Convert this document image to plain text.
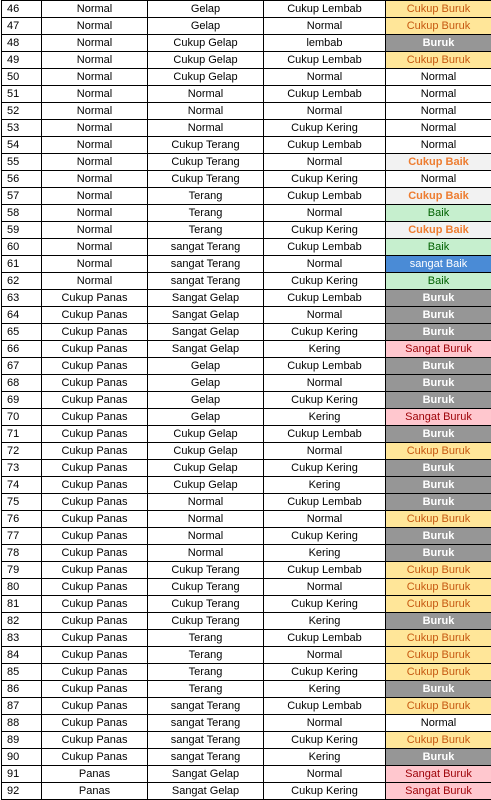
46	Normal	Gelap	Cukup Lembab	Cukup Buruk
47	Normal	Gelap	Normal	Cukup Buruk
48	Normal	Cukup Gelap	lembab	Buruk
49	Normal	Cukup Gelap	Cukup Lembab	Cukup Buruk
50	Normal	Cukup Gelap	Normal	Normal
51	Normal	Normal	Cukup Lembab	Normal
52	Normal	Normal	Normal	Normal
53	Normal	Normal	Cukup Kering	Normal
54	Normal	Cukup Terang	Cukup Lembab	Normal
55	Normal	Cukup Terang	Normal	Cukup Baik
56	Normal	Cukup Terang	Cukup Kering	Normal
57	Normal	Terang	Cukup Lembab	Cukup Baik
58	Normal	Terang	Normal	Baik
59	Normal	Terang	Cukup Kering	Cukup Baik
60	Normal	sangat Terang	Cukup Lembab	Baik
61	Normal	sangat Terang	Normal	sangat Baik
62	Normal	sangat Terang	Cukup Kering	Baik
63	Cukup Panas	Sangat Gelap	Cukup Lembab	Buruk
64	Cukup Panas	Sangat Gelap	Normal	Buruk
65	Cukup Panas	Sangat Gelap	Cukup Kering	Buruk
66	Cukup Panas	Sangat Gelap	Kering	Sangat Buruk
67	Cukup Panas	Gelap	Cukup Lembab	Buruk
68	Cukup Panas	Gelap	Normal	Buruk
69	Cukup Panas	Gelap	Cukup Kering	Buruk
70	Cukup Panas	Gelap	Kering	Sangat Buruk
71	Cukup Panas	Cukup Gelap	Cukup Lembab	Buruk
72	Cukup Panas	Cukup Gelap	Normal	Cukup Buruk
73	Cukup Panas	Cukup Gelap	Cukup Kering	Buruk
74	Cukup Panas	Cukup Gelap	Kering	Buruk
75	Cukup Panas	Normal	Cukup Lembab	Buruk
76	Cukup Panas	Normal	Normal	Cukup Buruk
77	Cukup Panas	Normal	Cukup Kering	Buruk
78	Cukup Panas	Normal	Kering	Buruk
79	Cukup Panas	Cukup Terang	Cukup Lembab	Cukup Buruk
80	Cukup Panas	Cukup Terang	Normal	Cukup Buruk
81	Cukup Panas	Cukup Terang	Cukup Kering	Cukup Buruk
82	Cukup Panas	Cukup Terang	Kering	Buruk
83	Cukup Panas	Terang	Cukup Lembab	Cukup Buruk
84	Cukup Panas	Terang	Normal	Cukup Buruk
85	Cukup Panas	Terang	Cukup Kering	Cukup Buruk
86	Cukup Panas	Terang	Kering	Buruk
87	Cukup Panas	sangat Terang	Cukup Lembab	Cukup Buruk
88	Cukup Panas	sangat Terang	Normal	Normal
89	Cukup Panas	sangat Terang	Cukup Kering	Cukup Buruk
90	Cukup Panas	sangat Terang	Kering	Buruk
91	Panas	Sangat Gelap	Normal	Sangat Buruk
92	Panas	Sangat Gelap	Cukup Kering	Sangat Buruk
